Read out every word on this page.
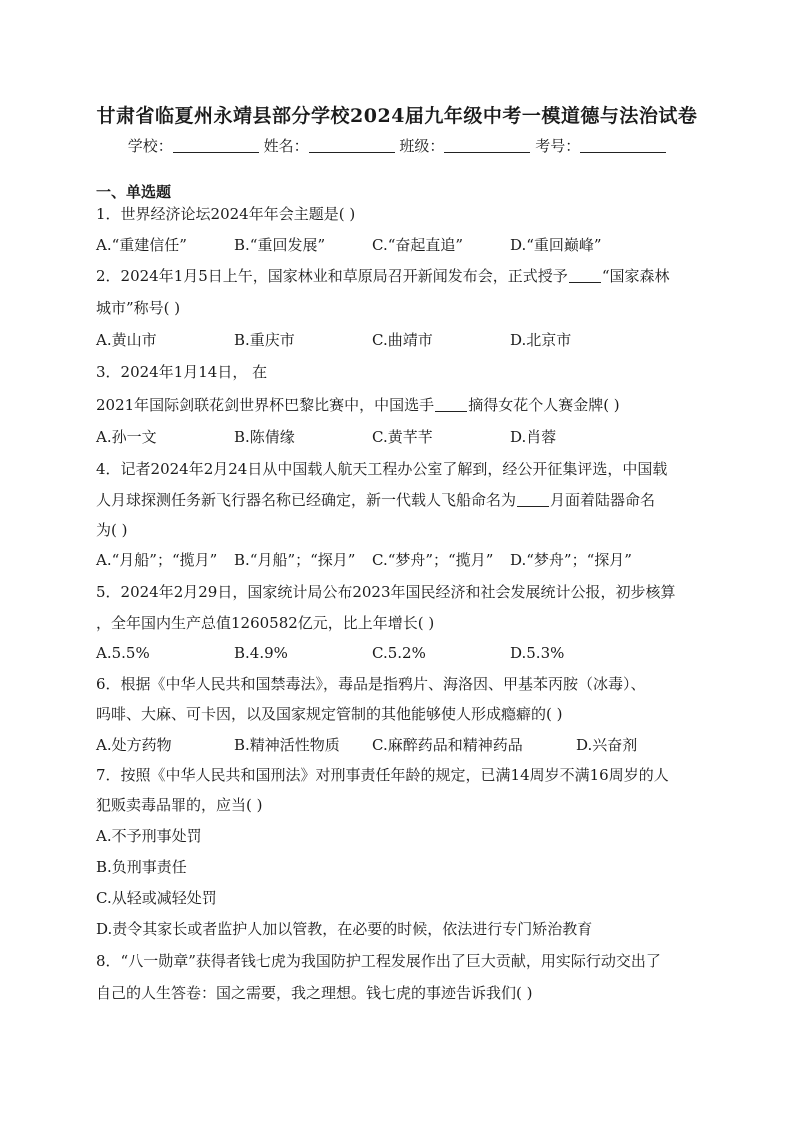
甘肃省临夏州永靖县部分学校2024届九年级中考一模道德与法治试卷
学校：	姓名：	班级：	考号：
一、单选题
1．世界经济论坛2024年年会主题是( )
A.“重建信任”	B.“重回发展”	C.“奋起直追”	D.“重回巅峰”
2．2024年1月5日上午，国家林业和草原局召开新闻发布会，正式授予 “国家森林
城市”称号( )
A.黄山市	B.重庆市	C.曲靖市	D.北京市
3．2024年1月14日， 在
2021年国际剑联花剑世界杯巴黎比赛中，中国选手 摘得女花个人赛金牌( )
A.孙一文	B.陈倩缘	C.黄芊芊	D.肖蓉
4．记者2024年2月24日从中国载人航天工程办公室了解到，经公开征集评选，中国载
人月球探测任务新飞行器名称已经确定，新一代载人飞船命名为 月面着陆器命名
为( )
A.“月船”；“揽月” B.“月船”；“探月” C.“梦舟”；“揽月” D.“梦舟”；“探月”
5．2024年2月29日，国家统计局公布2023年国民经济和社会发展统计公报，初步核算
，全年国内生产总值1260582亿元，比上年增长( )
A.5.5%	B.4.9%	C.5.2%	D.5.3%
6．根据《中华人民共和国禁毒法》，毒品是指鸦片、海洛因、甲基苯丙胺（冰毒）、
吗啡、大麻、可卡因，以及国家规定管制的其他能够使人形成瘾癖的( )
A.处方药物	B.精神活性物质 C.麻醉药品和精神药品	D.兴奋剂
7．按照《中华人民共和国刑法》对刑事责任年龄的规定，已满14周岁不满16周岁的人
犯贩卖毒品罪的，应当( )
A.不予刑事处罚
B.负刑事责任
C.从轻或减轻处罚
D.责令其家长或者监护人加以管教，在必要的时候，依法进行专门矫治教育
8．“八一勋章”获得者钱七虎为我国防护工程发展作出了巨大贡献，用实际行动交出了
自己的人生答卷：国之需要，我之理想。钱七虎的事迹告诉我们( )
